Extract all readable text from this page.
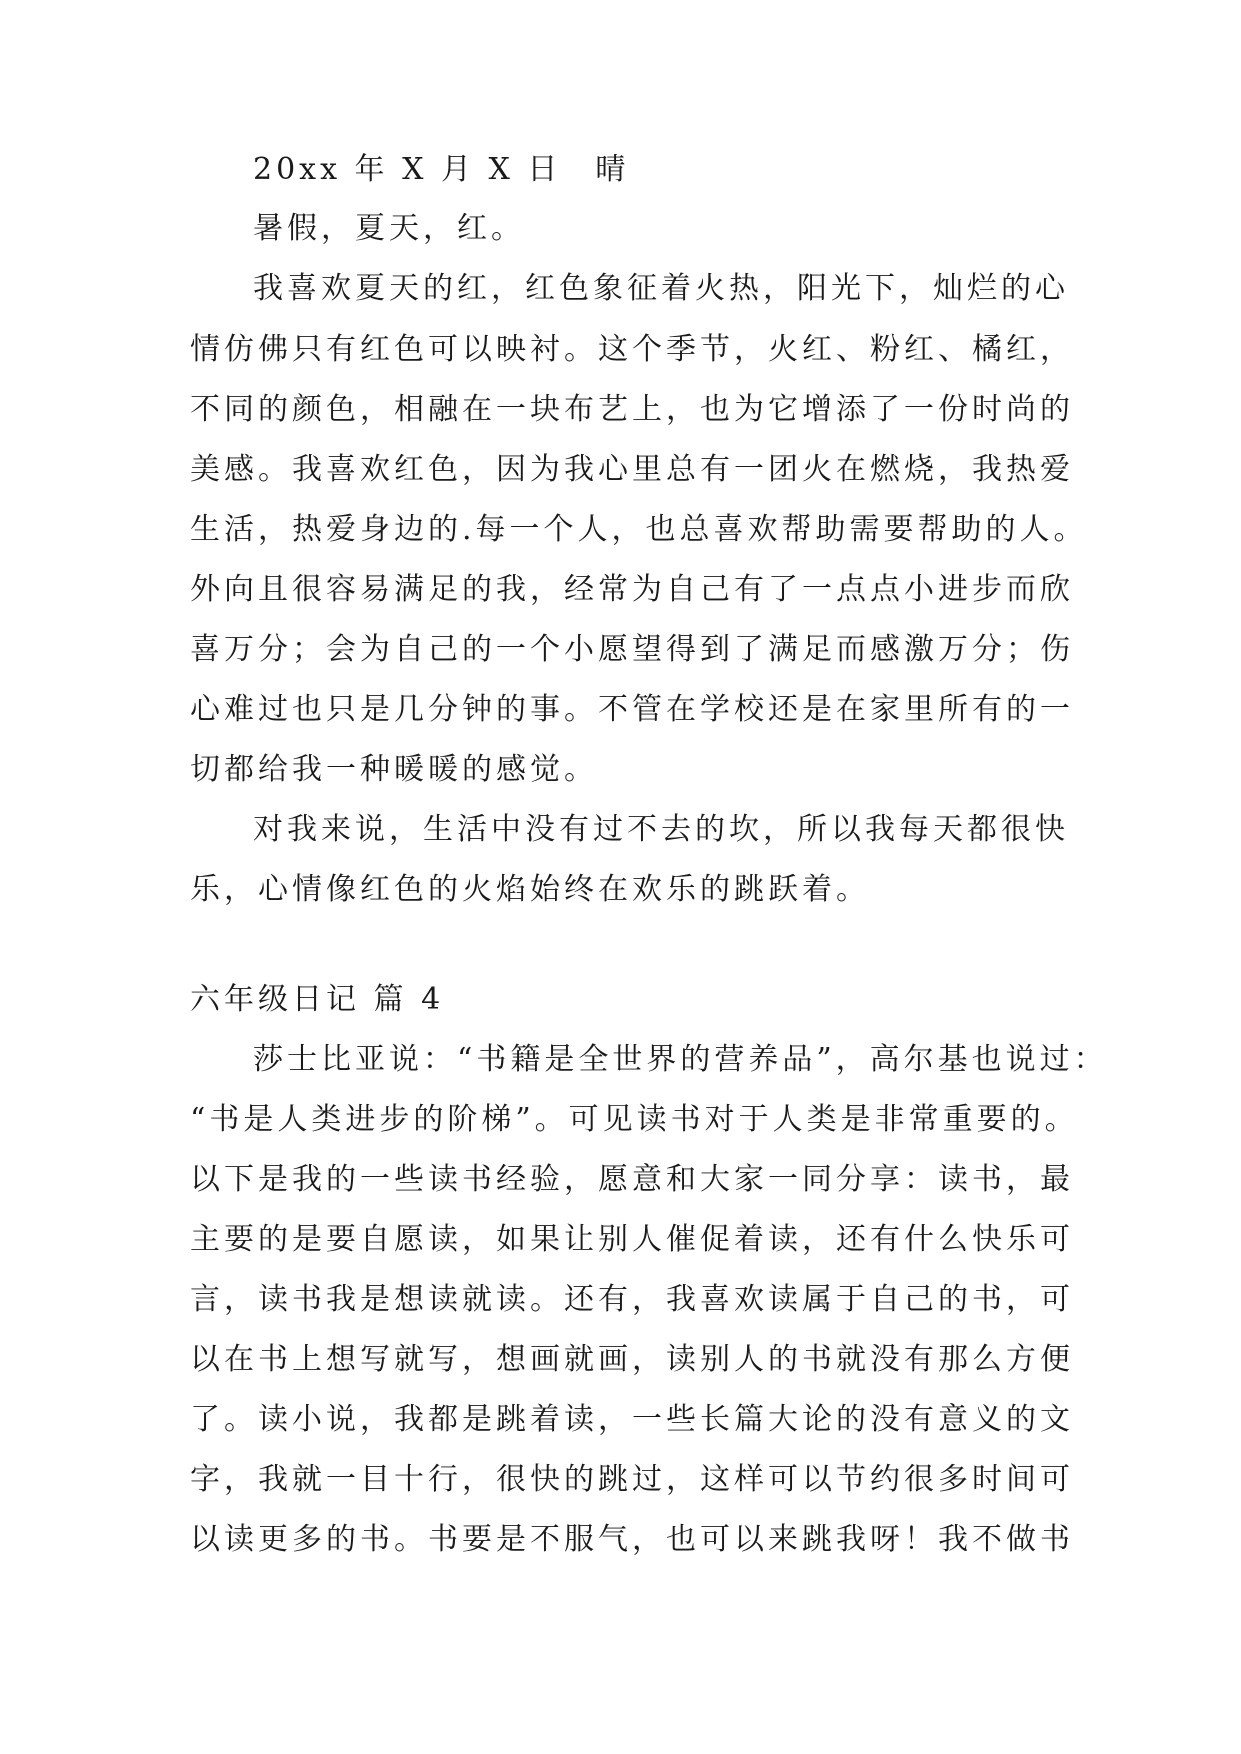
20xx 年 X 月 X 日　晴
暑假，夏天，红。
我喜欢夏天的红，红色象征着火热，阳光下，灿烂的心
情仿佛只有红色可以映衬。这个季节，火红、粉红、橘红，
不同的颜色，相融在一块布艺上，也为它增添了一份时尚的
美感。我喜欢红色，因为我心里总有一团火在燃烧，我热爱
生活，热爱身边的.每一个人，也总喜欢帮助需要帮助的人。
外向且很容易满足的我，经常为自己有了一点点小进步而欣
喜万分；会为自己的一个小愿望得到了满足而感激万分；伤
心难过也只是几分钟的事。不管在学校还是在家里所有的一
切都给我一种暖暖的感觉。
对我来说，生活中没有过不去的坎，所以我每天都很快
乐，心情像红色的火焰始终在欢乐的跳跃着。
六年级日记 篇 4
莎士比亚说：“书籍是全世界的营养品”，高尔基也说过：
“书是人类进步的阶梯”。可见读书对于人类是非常重要的。
以下是我的一些读书经验，愿意和大家一同分享：读书，最
主要的是要自愿读，如果让别人催促着读，还有什么快乐可
言，读书我是想读就读。还有，我喜欢读属于自己的书，可
以在书上想写就写，想画就画，读别人的书就没有那么方便
了。读小说，我都是跳着读，一些长篇大论的没有意义的文
字，我就一目十行，很快的跳过，这样可以节约很多时间可
以读更多的书。书要是不服气，也可以来跳我呀！我不做书
